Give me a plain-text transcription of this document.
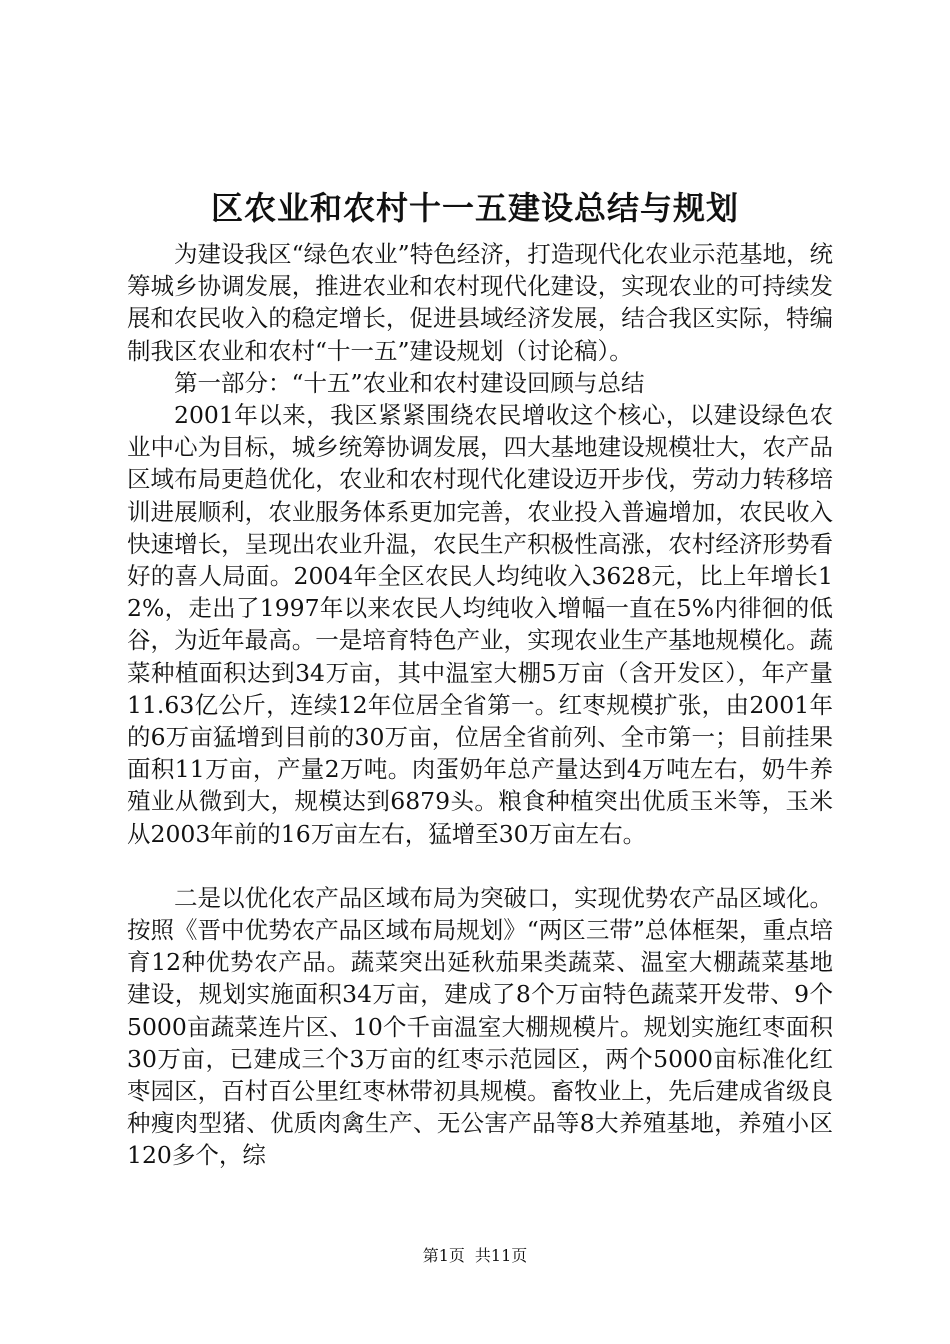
区农业和农村十一五建设总结与规划

为建设我区“绿色农业”特色经济，打造现代化农业示范基地，统筹城乡协调发展，推进农业和农村现代化建设，实现农业的可持续发展和农民收入的稳定增长，促进县域经济发展，结合我区实际，特编制我区农业和农村“十一五”建设规划（讨论稿）。

第一部分：“十五”农业和农村建设回顾与总结

2001年以来，我区紧紧围绕农民增收这个核心，以建设绿色农业中心为目标，城乡统筹协调发展，四大基地建设规模壮大，农产品区域布局更趋优化，农业和农村现代化建设迈开步伐，劳动力转移培训进展顺利，农业服务体系更加完善，农业投入普遍增加，农民收入快速增长，呈现出农业升温，农民生产积极性高涨，农村经济形势看好的喜人局面。2004年全区农民人均纯收入3628元，比上年增长12%，走出了1997年以来农民人均纯收入增幅一直在5%内徘徊的低谷，为近年最高。一是培育特色产业，实现农业生产基地规模化。蔬菜种植面积达到34万亩，其中温室大棚5万亩（含开发区），年产量11.63亿公斤，连续12年位居全省第一。红枣规模扩张，由2001年的6万亩猛增到目前的30万亩，位居全省前列、全市第一；目前挂果面积11万亩，产量2万吨。肉蛋奶年总产量达到4万吨左右，奶牛养殖业从微到大，规模达到6879头。粮食种植突出优质玉米等，玉米从2003年前的16万亩左右，猛增至30万亩左右。

二是以优化农产品区域布局为突破口，实现优势农产品区域化。按照《晋中优势农产品区域布局规划》“两区三带”总体框架，重点培育12种优势农产品。蔬菜突出延秋茄果类蔬菜、温室大棚蔬菜基地建设，规划实施面积34万亩，建成了8个万亩特色蔬菜开发带、9个5000亩蔬菜连片区、10个千亩温室大棚规模片。规划实施红枣面积30万亩，已建成三个3万亩的红枣示范园区，两个5000亩标准化红枣园区，百村百公里红枣林带初具规模。畜牧业上，先后建成省级良种瘦肉型猪、优质肉禽生产、无公害产品等8大养殖基地，养殖小区120多个，综

第1页 共11页
